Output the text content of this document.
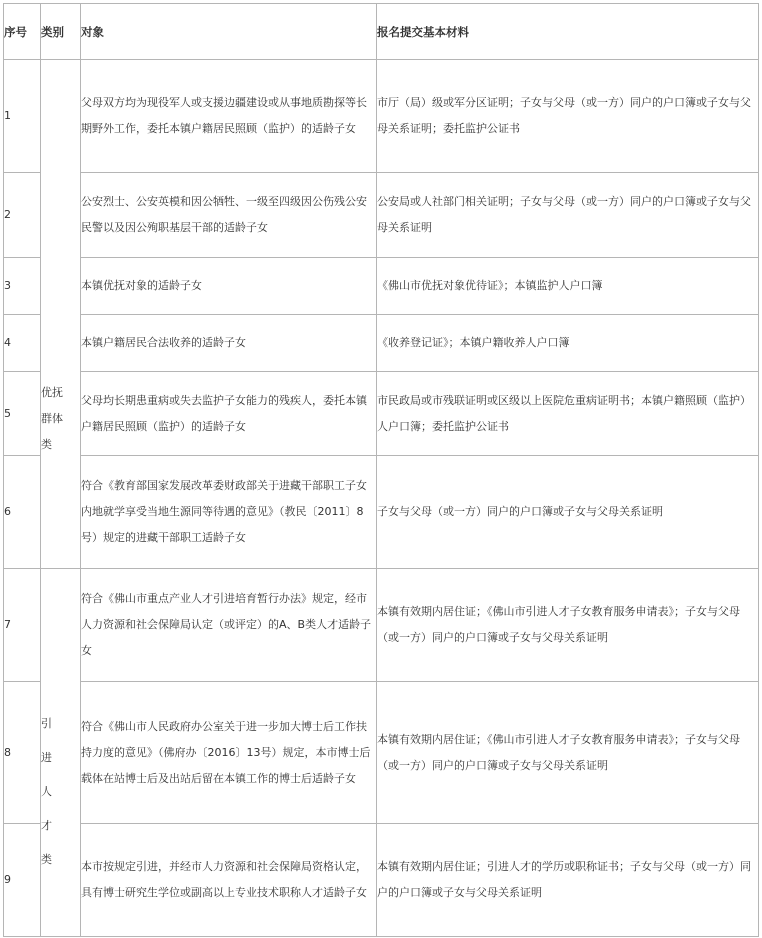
序号	类别	对象	报名提交基本材料
1	优抚群体类	父母双方均为现役军人或支援边疆建设或从事地质勘探等长期野外工作，委托本镇户籍居民照顾（监护）的适龄子女	市厅（局）级或军分区证明；子女与父母（或一方）同户的户口簿或子女与父母关系证明；委托监护公证书
2		公安烈士、公安英模和因公牺牲、一级至四级因公伤残公安民警以及因公殉职基层干部的适龄子女	公安局或人社部门相关证明；子女与父母（或一方）同户的户口簿或子女与父母关系证明
3		本镇优抚对象的适龄子女	《佛山市优抚对象优待证》；本镇监护人户口簿
4		本镇户籍居民合法收养的适龄子女	《收养登记证》；本镇户籍收养人户口簿
5		父母均长期患重病或失去监护子女能力的残疾人，委托本镇户籍居民照顾（监护）的适龄子女	市民政局或市残联证明或区级以上医院危重病证明书；本镇户籍照顾（监护）人户口簿；委托监护公证书
6		符合《教育部国家发展改革委财政部关于进藏干部职工子女内地就学享受当地生源同等待遇的意见》（教民〔2011〕8号）规定的进藏干部职工适龄子女	子女与父母（或一方）同户的户口簿或子女与父母关系证明
7	引进人才类	符合《佛山市重点产业人才引进培育暂行办法》规定，经市人力资源和社会保障局认定（或评定）的A、B类人才适龄子女	本镇有效期内居住证；《佛山市引进人才子女教育服务申请表》；子女与父母（或一方）同户的户口簿或子女与父母关系证明
8		符合《佛山市人民政府办公室关于进一步加大博士后工作扶持力度的意见》（佛府办〔2016〕13号）规定，本市博士后载体在站博士后及出站后留在本镇工作的博士后适龄子女	本镇有效期内居住证；《佛山市引进人才子女教育服务申请表》；子女与父母（或一方）同户的户口簿或子女与父母关系证明
9		本市按规定引进，并经市人力资源和社会保障局资格认定，具有博士研究生学位或副高以上专业技术职称人才适龄子女	本镇有效期内居住证；引进人才的学历或职称证书；子女与父母（或一方）同户的户口簿或子女与父母关系证明
